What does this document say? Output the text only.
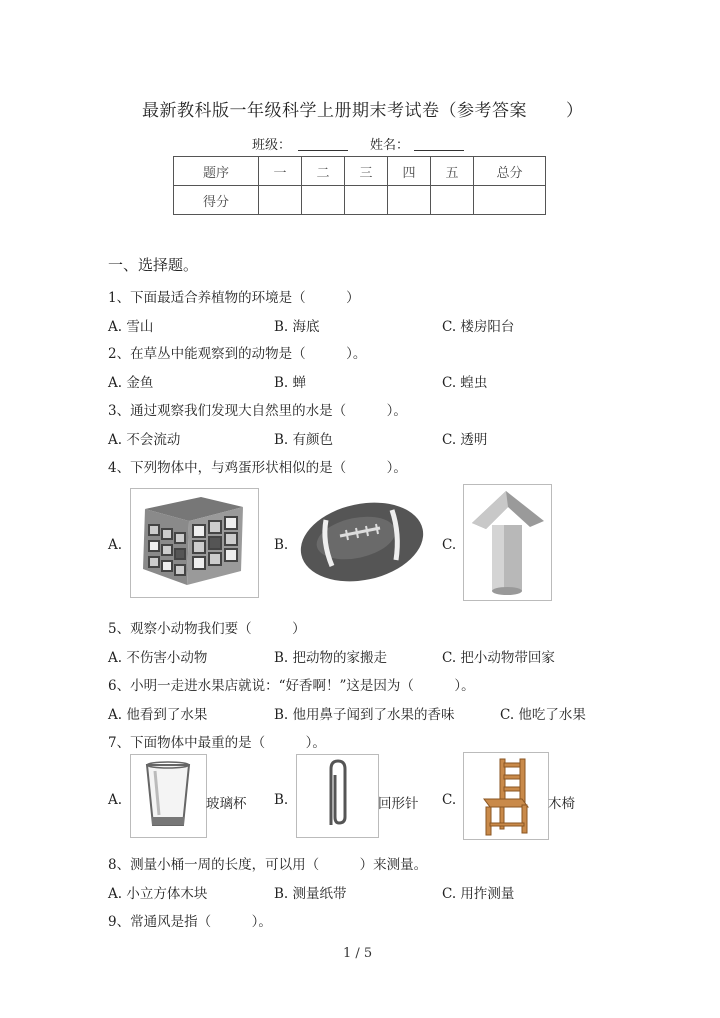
最新教科版一年级科学上册期末考试卷（参考答案 ）
班级：	姓名：
题序	一	二	三	四	五	总分
得分						
一、选择题。
1、下面最适合养植物的环境是（　　　）
A. 雪山	B. 海底	C. 楼房阳台
2、在草丛中能观察到的动物是（　　　）。
A. 金鱼	B. 蝉	C. 蝗虫
3、通过观察我们发现大自然里的水是（　　　）。
A. 不会流动	B. 有颜色	C. 透明
4、下列物体中，与鸡蛋形状相似的是（　　　）。
A.	B.	C.
5、观察小动物我们要（　　　）
A. 不伤害小动物	B. 把动物的家搬走	C. 把小动物带回家
6、小明一走进水果店就说：“好香啊！”这是因为（　　　）。
A. 他看到了水果	B. 他用鼻子闻到了水果的香味	C. 他吃了水果
7、下面物体中最重的是（　　　）。
A.	玻璃杯 B.	回形针 C.	木椅
8、测量小桶一周的长度，可以用（　　　）来测量。
A. 小立方体木块	B. 测量纸带	C. 用拃测量
9、常通风是指（　　　）。
1 / 5
